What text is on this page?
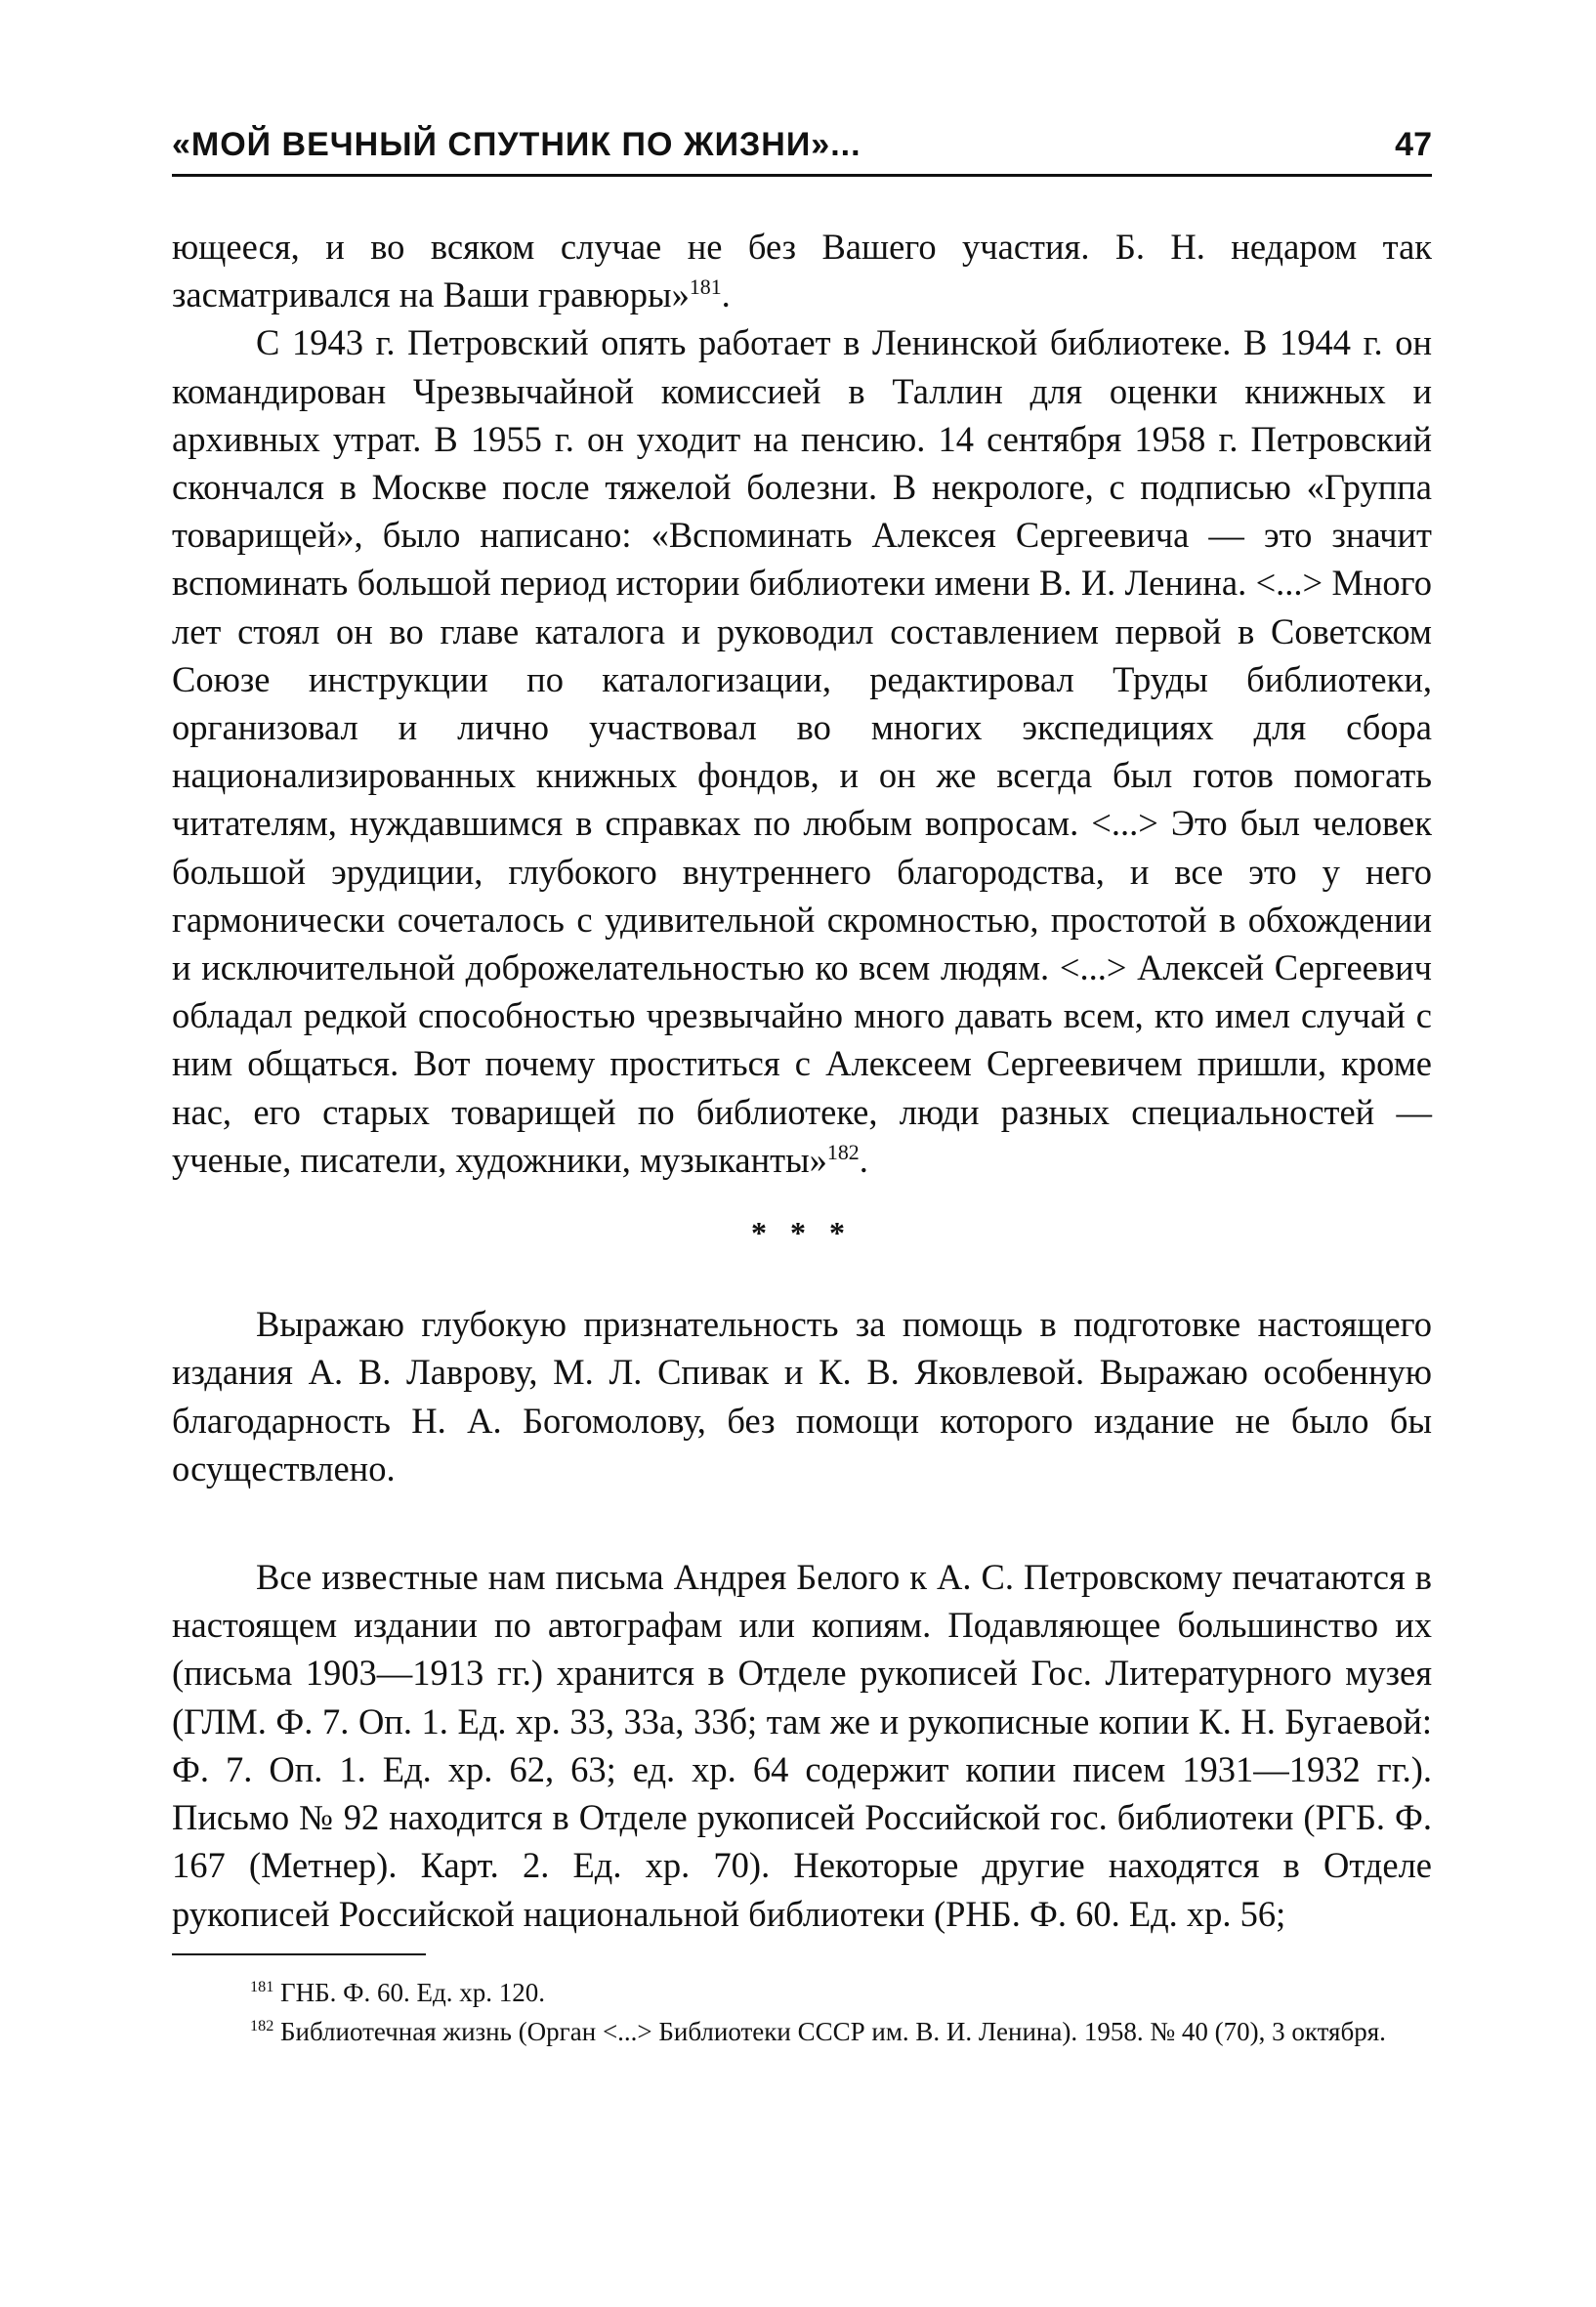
«МОЙ ВЕЧНЫЙ СПУТНИК ПО ЖИЗНИ»...	47

ющееся, и во всяком случае не без Вашего участия. Б. Н. недаром так засматривался на Ваши гравюры»$^{181}$.

С 1943 г. Петровский опять работает в Ленинской библиотеке. В 1944 г. он командирован Чрезвычайной комиссией в Таллин для оценки книжных и архивных утрат. В 1955 г. он уходит на пенсию. 14 сентября 1958 г. Петровский скончался в Москве после тяжелой болезни. В некрологе, с подписью «Группа товарищей», было написано: «Вспоминать Алексея Сергеевича — это значит вспоминать большой период истории библиотеки имени В. И. Ленина. <...> Много лет стоял он во главе каталога и руководил составлением первой в Советском Союзе инструкции по каталогизации, редактировал Труды библиотеки, организовал и лично участвовал во многих экспедициях для сбора национализированных книжных фондов, и он же всегда был готов помогать читателям, нуждавшимся в справках по любым вопросам. <...> Это был человек большой эрудиции, глубокого внутреннего благородства, и все это у него гармонически сочеталось с удивительной скромностью, простотой в обхождении и исключительной доброжелательностью ко всем людям. <...> Алексей Сергеевич обладал редкой способностью чрезвычайно много давать всем, кто имел случай с ним общаться. Вот почему проститься с Алексеем Сергеевичем пришли, кроме нас, его старых товарищей по библиотеке, люди разных специальностей — ученые, писатели, художники, музыканты»$^{182}$.

* * *

Выражаю глубокую признательность за помощь в подготовке настоящего издания А. В. Лаврову, М. Л. Спивак и К. В. Яковлевой. Выражаю особенную благодарность Н. А. Богомолову, без помощи которого издание не было бы осуществлено.

Все известные нам письма Андрея Белого к А. С. Петровскому печатаются в настоящем издании по автографам или копиям. Подавляющее большинство их (письма 1903—1913 гг.) хранится в Отделе рукописей Гос. Литературного музея (ГЛМ. Ф. 7. Оп. 1. Ед. хр. 33, 33а, 33б; там же и рукописные копии К. Н. Бугаевой: Ф. 7. Оп. 1. Ед. хр. 62, 63; ед. хр. 64 содержит копии писем 1931—1932 гг.). Письмо № 92 находится в Отделе рукописей Российской гос. библиотеки (РГБ. Ф. 167 (Метнер). Карт. 2. Ед. хр. 70). Некоторые другие находятся в Отделе рукописей Российской национальной библиотеки (РНБ. Ф. 60. Ед. хр. 56;

$^{181}$ ГНБ. Ф. 60. Ед. хр. 120.

$^{182}$ Библиотечная жизнь (Орган <...> Библиотеки СССР им. В. И. Ленина). 1958. № 40 (70), 3 октября.
